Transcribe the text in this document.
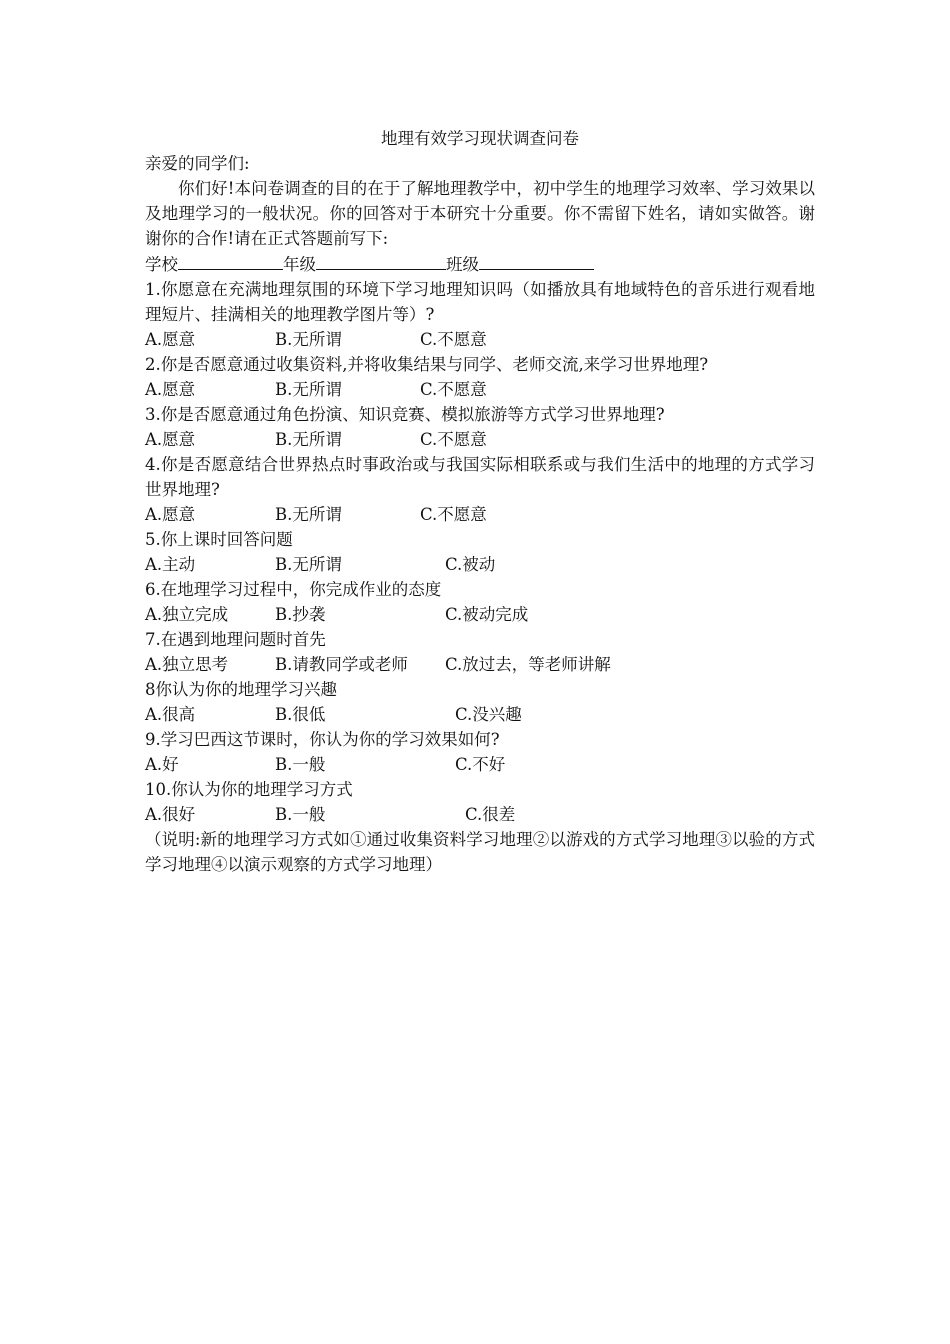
地理有效学习现状调查问卷

亲爱的同学们:

你们好!本问卷调查的目的在于了解地理教学中，初中学生的地理学习效率、学习效果以及地理学习的一般状况。你的回答对于本研究十分重要。你不需留下姓名，请如实做答。谢谢你的合作!请在正式答题前写下:

学校	年级	班级

1.你愿意在充满地理氛围的环境下学习地理知识吗（如播放具有地域特色的音乐进行观看地理短片、挂满相关的地理教学图片等）?

A.愿意	B.无所谓	C.不愿意

2.你是否愿意通过收集资料,并将收集结果与同学、老师交流,来学习世界地理?

A.愿意	B.无所谓	C.不愿意

3.你是否愿意通过角色扮演、知识竞赛、模拟旅游等方式学习世界地理?

A.愿意	B.无所谓	C.不愿意

4.你是否愿意结合世界热点时事政治或与我国实际相联系或与我们生活中的地理的方式学习世界地理?

A.愿意	B.无所谓	C.不愿意

5.你上课时回答问题

A.主动	B.无所谓	C.被动

6.在地理学习过程中，你完成作业的态度

A.独立完成	B.抄袭	C.被动完成

7.在遇到地理问题时首先

A.独立思考	B.请教同学或老师 C.放过去，等老师讲解

8你认为你的地理学习兴趣

A.很高	B.很低	C.没兴趣

9.学习巴西这节课时，你认为你的学习效果如何?

A.好	B.一般	C.不好

10.你认为你的地理学习方式

A.很好	B.一般	C.很差

（说明:新的地理学习方式如①通过收集资料学习地理②以游戏的方式学习地理③以验的方式学习地理④以演示观察的方式学习地理）
